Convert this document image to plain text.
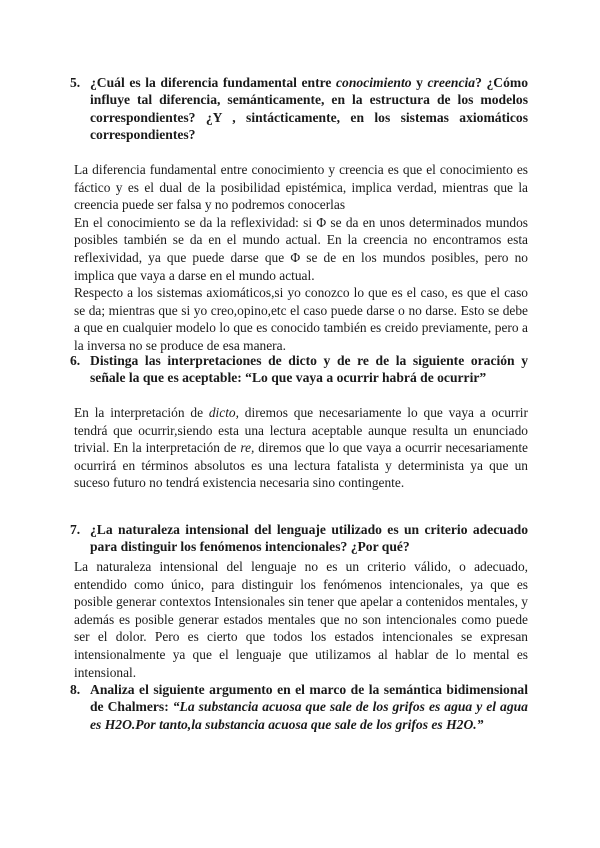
5. ¿Cuál es la diferencia fundamental entre conocimiento y creencia? ¿Cómo influye tal diferencia, semánticamente, en la estructura de los modelos correspondientes? ¿Y , sintácticamente, en los sistemas axiomáticos correspondientes?

La diferencia fundamental entre conocimiento y creencia es que el conocimiento es fáctico y es el dual de la posibilidad epistémica, implica verdad, mientras que la creencia puede ser falsa y no podremos conocerlas

En el conocimiento se da la reflexividad: si Φ se da en unos determinados mundos posibles también se da en el mundo actual. En la creencia no encontramos esta reflexividad, ya que puede darse que Φ se de en los mundos posibles, pero no implica que vaya a darse en el mundo actual.

Respecto a los sistemas axiomáticos,si yo conozco lo que es el caso, es que el caso se da; mientras que si yo creo,opino,etc el caso puede darse o no darse. Esto se debe a que en cualquier modelo lo que es conocido también es creido previamente, pero a la inversa no se produce de esa manera.

6. Distinga las interpretaciones de dicto y de re de la siguiente oración y señale la que es aceptable: “Lo que vaya a ocurrir habrá de ocurrir”

En la interpretación de dicto, diremos que necesariamente lo que vaya a ocurrir tendrá que ocurrir,siendo esta una lectura aceptable aunque resulta un enunciado trivial. En la interpretación de re, diremos que lo que vaya a ocurrir necesariamente ocurrirá en términos absolutos es una lectura fatalista y determinista ya que un suceso futuro no tendrá existencia necesaria sino contingente.

7. ¿La naturaleza intensional del lenguaje utilizado es un criterio adecuado para distinguir los fenómenos intencionales? ¿Por qué?

La naturaleza intensional del lenguaje no es un criterio válido, o adecuado, entendido como único, para distinguir los fenómenos intencionales, ya que es posible generar contextos Intensionales sin tener que apelar a contenidos mentales, y además es posible generar estados mentales que no son intencionales como puede ser el dolor. Pero es cierto que todos los estados intencionales se expresan intensionalmente ya que el lenguaje que utilizamos al hablar de lo mental es intensional.

8. Analiza el siguiente argumento en el marco de la semántica bidimensional de Chalmers: “La substancia acuosa que sale de los grifos es agua y el agua es H2O.Por tanto,la substancia acuosa que sale de los grifos es H2O.”
